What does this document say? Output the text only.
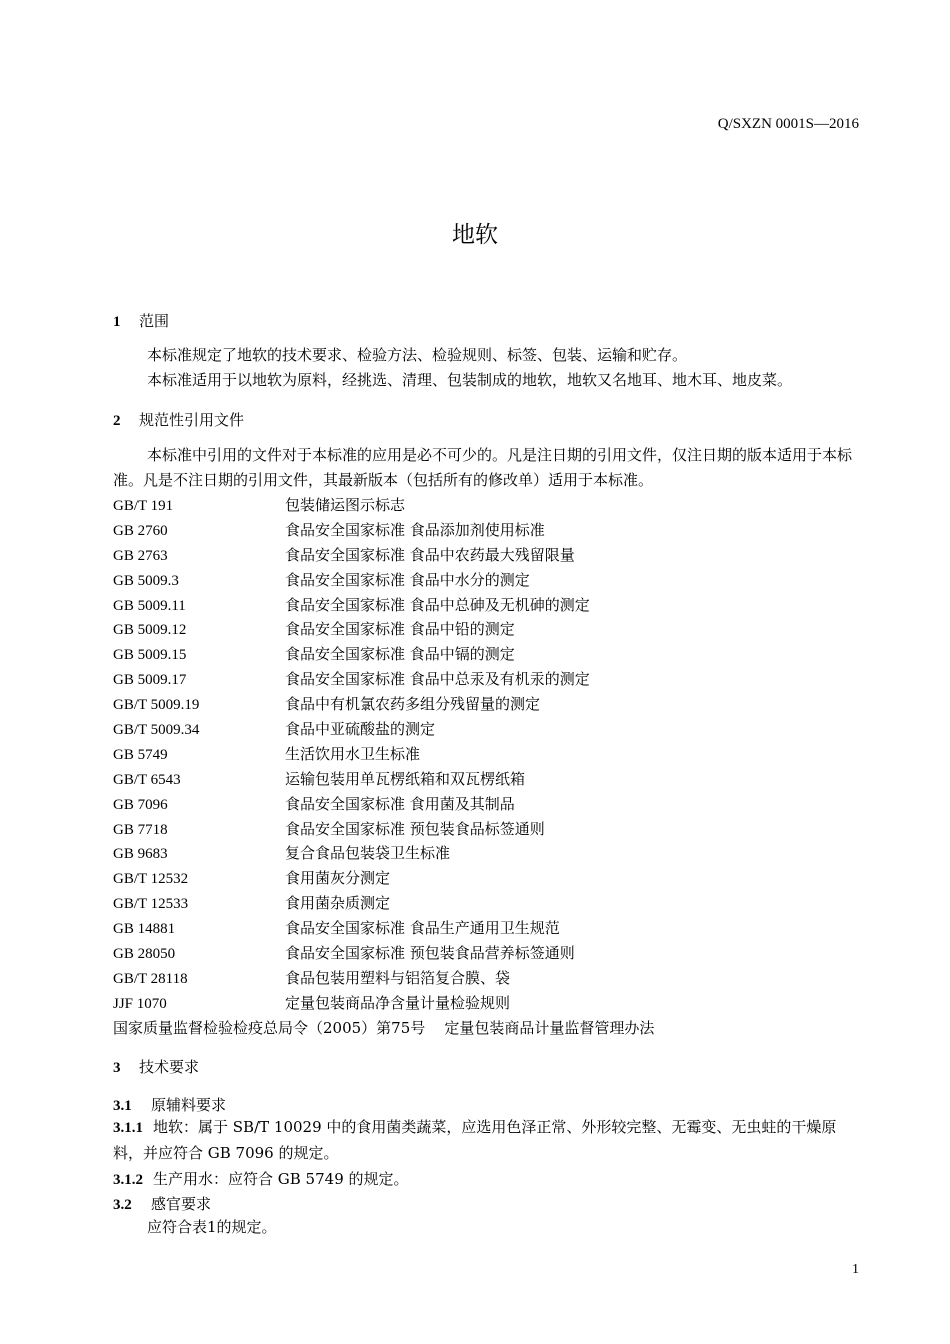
Q/SXZN 0001S—2016
地软
1 范围
本标准规定了地软的技术要求、检验方法、检验规则、标签、包装、运输和贮存。
本标准适用于以地软为原料，经挑选、清理、包装制成的地软，地软又名地耳、地木耳、地皮菜。
2 规范性引用文件
本标准中引用的文件对于本标准的应用是必不可少的。凡是注日期的引用文件，仅注日期的版本适用于本标准。凡是不注日期的引用文件，其最新版本（包括所有的修改单）适用于本标准。
GB/T 191	包装储运图示标志
GB 2760	食品安全国家标准 食品添加剂使用标准
GB 2763	食品安全国家标准 食品中农药最大残留限量
GB 5009.3	食品安全国家标准 食品中水分的测定
GB 5009.11	食品安全国家标准 食品中总砷及无机砷的测定
GB 5009.12	食品安全国家标准 食品中铅的测定
GB 5009.15	食品安全国家标准 食品中镉的测定
GB 5009.17	食品安全国家标准 食品中总汞及有机汞的测定
GB/T 5009.19	食品中有机氯农药多组分残留量的测定
GB/T 5009.34	食品中亚硫酸盐的测定
GB 5749	生活饮用水卫生标准
GB/T 6543	运输包装用单瓦楞纸箱和双瓦楞纸箱
GB 7096	食品安全国家标准 食用菌及其制品
GB 7718	食品安全国家标准 预包装食品标签通则
GB 9683	复合食品包装袋卫生标准
GB/T 12532	食用菌灰分测定
GB/T 12533	食用菌杂质测定
GB 14881	食品安全国家标准 食品生产通用卫生规范
GB 28050	食品安全国家标准 预包装食品营养标签通则
GB/T 28118	食品包装用塑料与铝箔复合膜、袋
JJF 1070	定量包装商品净含量计量检验规则
国家质量监督检验检疫总局令（2005）第75号    定量包装商品计量监督管理办法
3 技术要求
3.1 原辅料要求
3.1.1 地软：属于 SB/T 10029 中的食用菌类蔬菜，应选用色泽正常、外形较完整、无霉变、无虫蛀的干燥原料，并应符合 GB 7096 的规定。
3.1.2 生产用水：应符合 GB 5749 的规定。
3.2 感官要求
应符合表1的规定。
1
